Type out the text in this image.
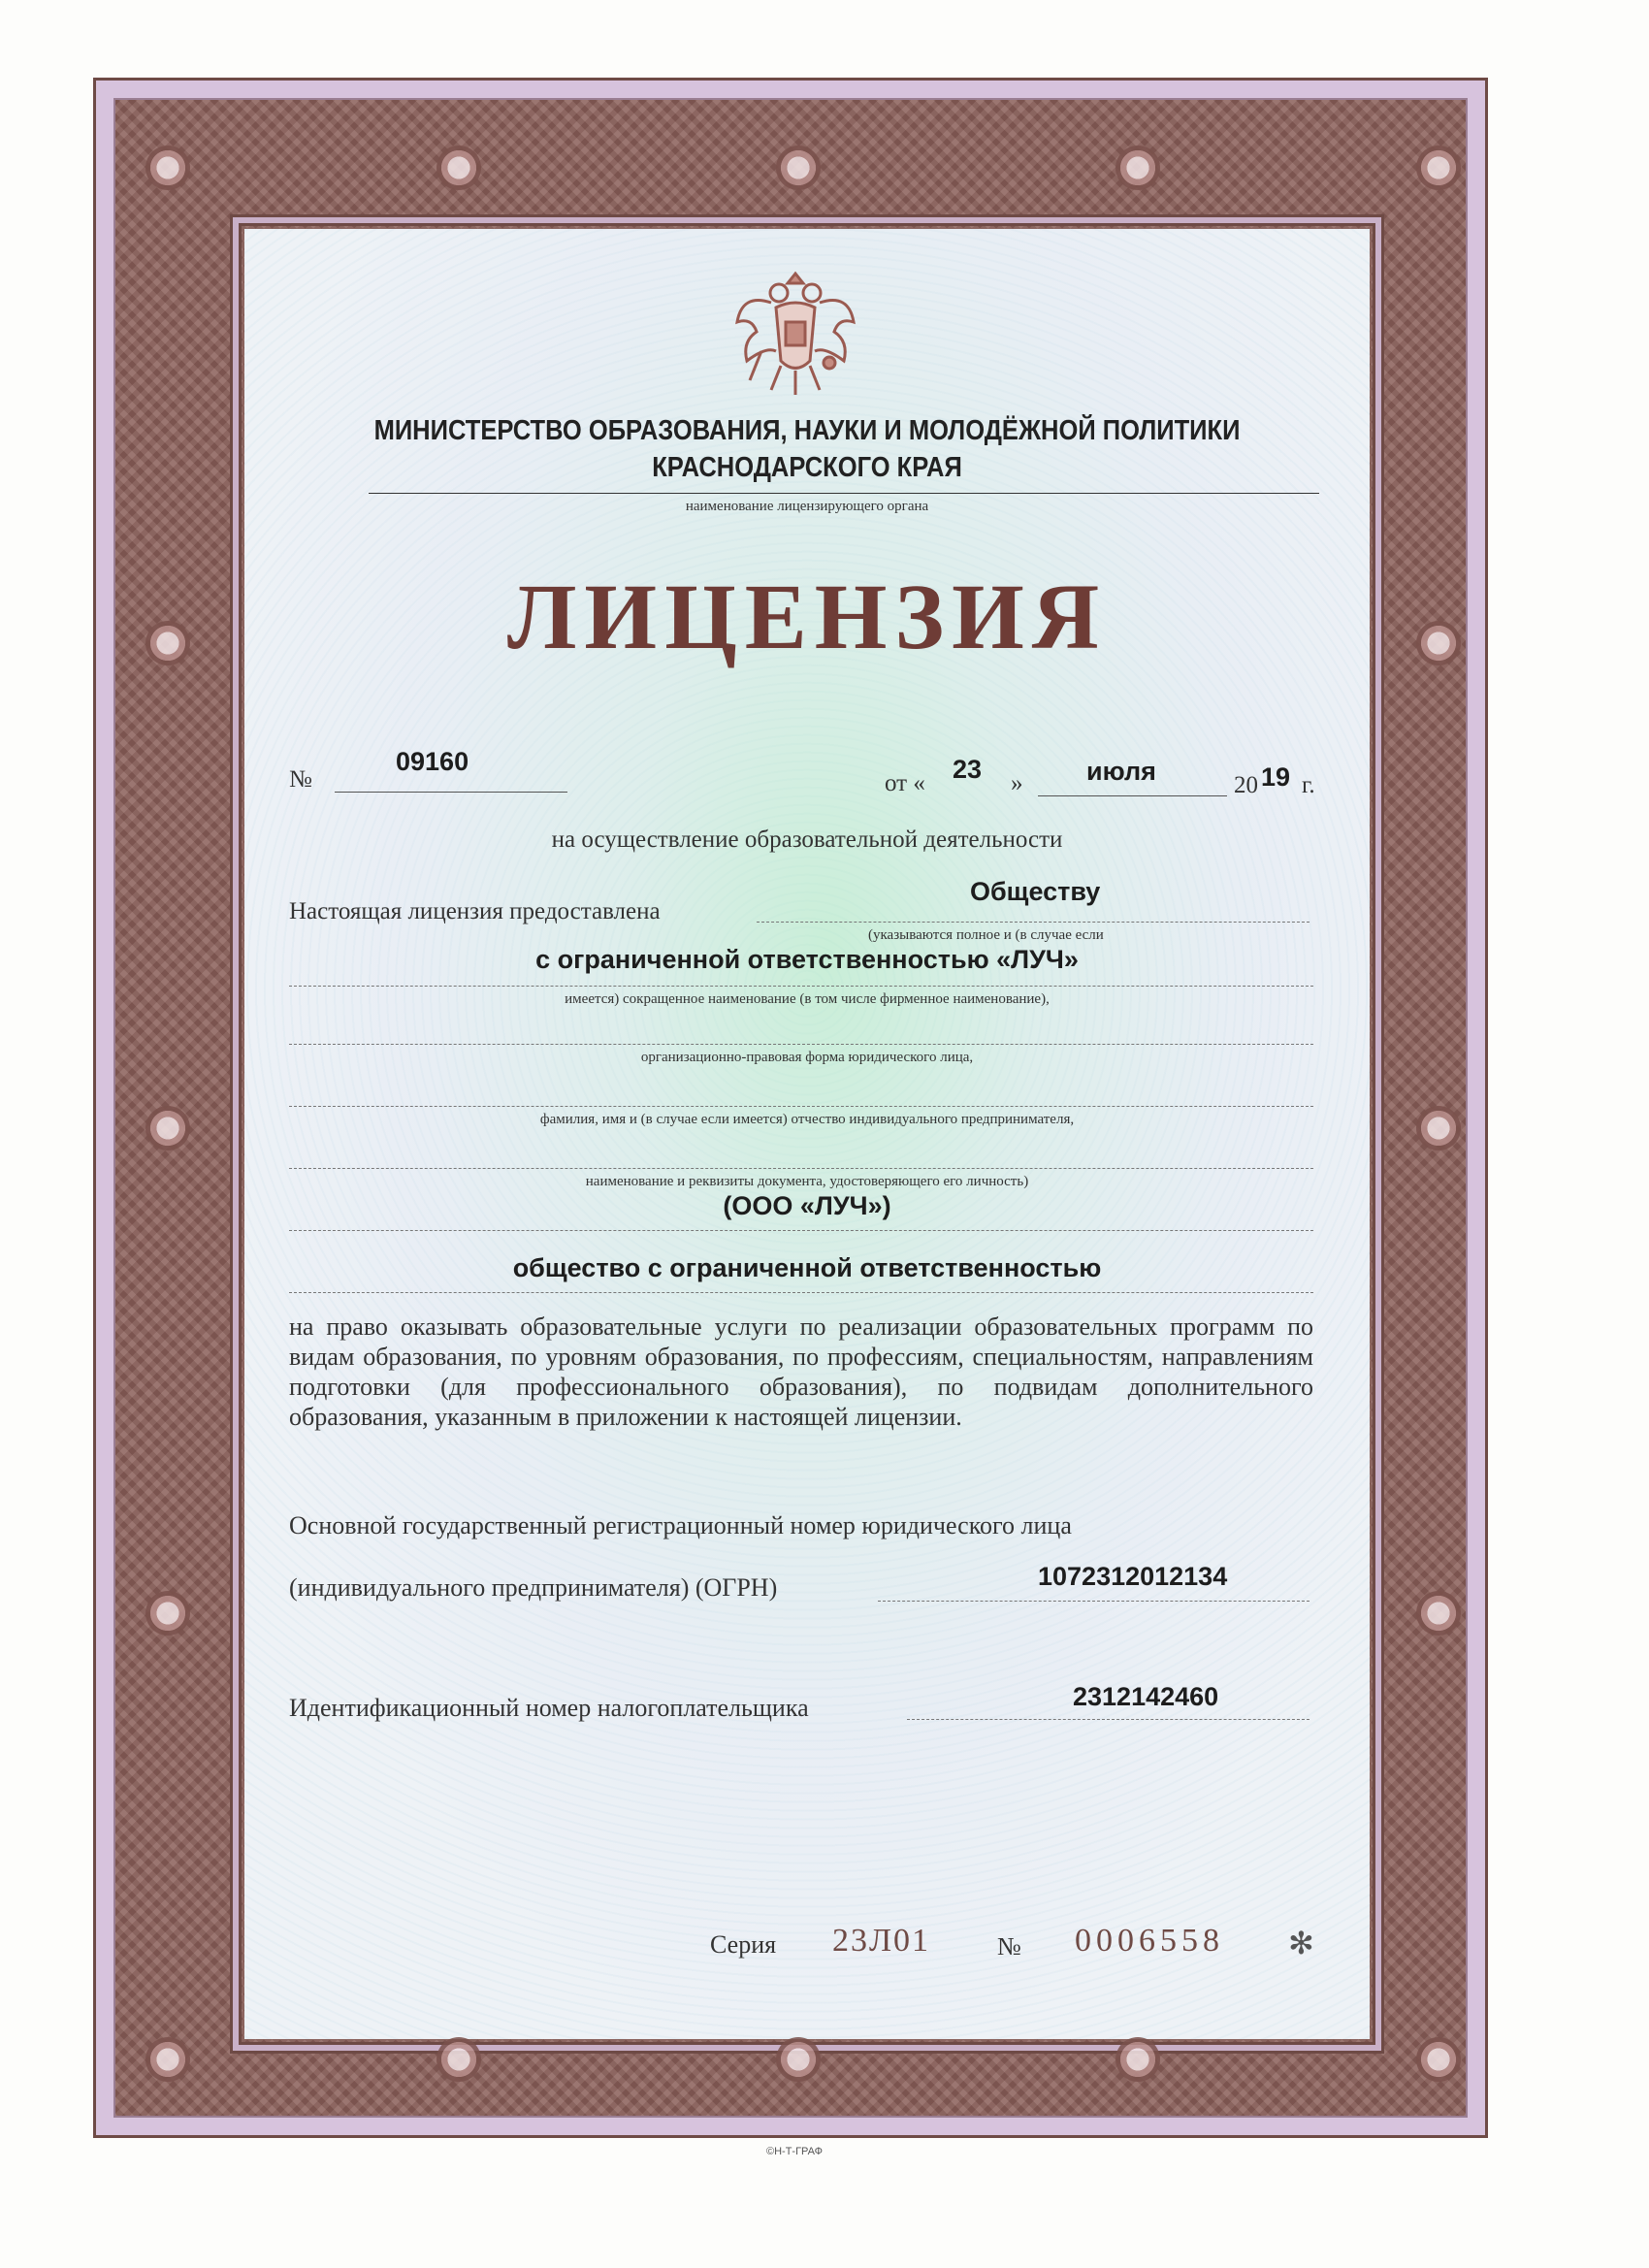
МИНИСТЕРСТВО ОБРАЗОВАНИЯ, НАУКИ И МОЛОДЁЖНОЙ ПОЛИТИКИ
КРАСНОДАРСКОГО КРАЯ
наименование лицензирующего органа
ЛИЦЕНЗИЯ
№
09160
от « 23 » июля	20 19 г.
на осуществление образовательной деятельности
Настоящая лицензия предоставлена
Обществу
(указываются полное и (в случае если
с ограниченной ответственностью «ЛУЧ»
имеется) сокращенное наименование (в том числе фирменное наименование),
организационно-правовая форма юридического лица,
фамилия, имя и (в случае если имеется) отчество индивидуального предпринимателя,
наименование и реквизиты документа, удостоверяющего его личность)
(ООО «ЛУЧ»)
общество с ограниченной ответственностью
на право оказывать образовательные услуги по реализации образовательных программ по видам образования, по уровням образования, по профессиям, специальностям, направлениям подготовки (для профессионального образования), по подвидам дополнительного образования, указанным в приложении к настоящей лицензии.
Основной государственный регистрационный номер юридического лица
(индивидуального предпринимателя) (ОГРН)	1072312012134
Идентификационный номер налогоплательщика	2312142460
Серия 23Л01	№ 0006558 ✻
©Н-Т-ГРАФ
